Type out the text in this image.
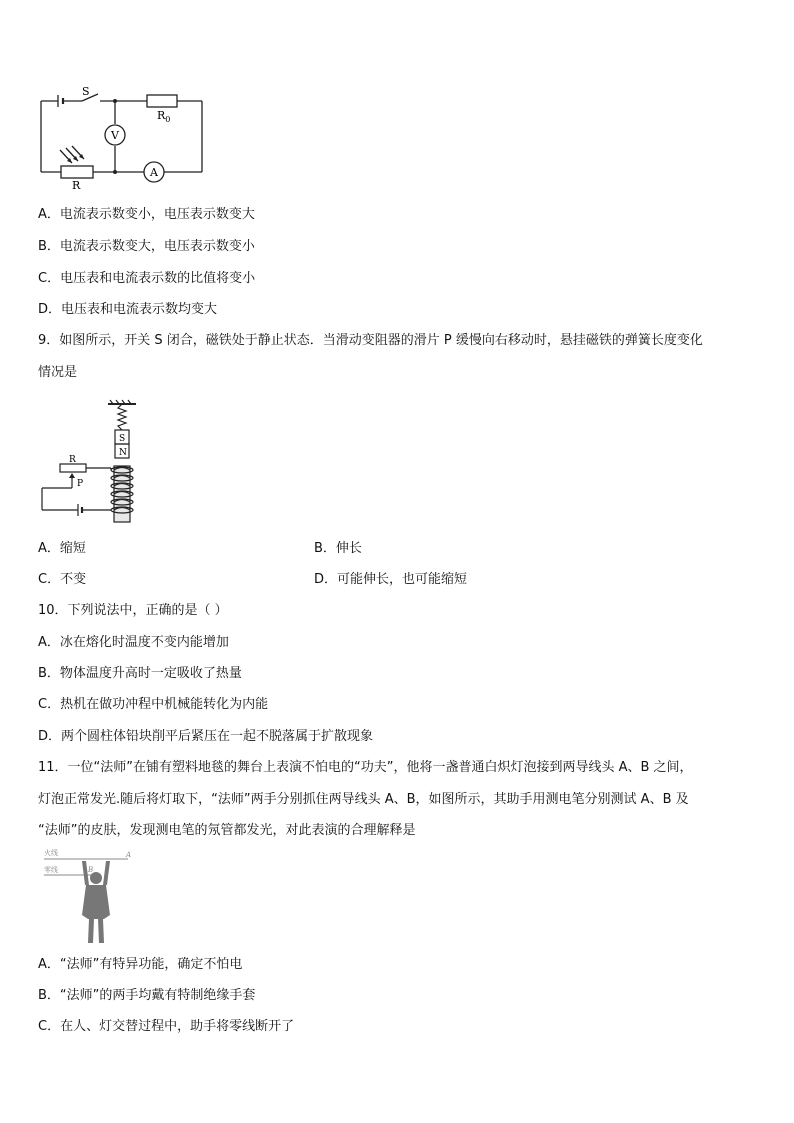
S
$R_0$
V
A
R
A．电流表示数变小，电压表示数变大
B．电流表示数变大，电压表示数变小
C．电压表和电流表示数的比值将变小
D．电压表和电流表示数均变大
9．如图所示，开关 S 闭合，磁铁处于静止状态．当滑动变阻器的滑片 P 缓慢向右移动时，悬挂磁铁的弹簧长度变化
情况是
S
N
R
P
A．缩短	B．伸长
C．不变	D．可能伸长，也可能缩短
10．下列说法中，正确的是（ ）
A．冰在熔化时温度不变内能增加
B．物体温度升高时一定吸收了热量
C．热机在做功冲程中机械能转化为内能
D．两个圆柱体铅块削平后紧压在一起不脱落属于扩散现象
11．一位“法师”在铺有塑料地毯的舞台上表演不怕电的“功夫”，他将一盏普通白炽灯泡接到两导线头 A、B 之间，
灯泡正常发光.随后将灯取下，“法师”两手分别抓住两导线头 A、B，如图所示，其助手用测电笔分别测试 A、B 及
“法师”的皮肤，发现测电笔的氖管都发光，对此表演的合理解释是
火线
零线
A
B
A．“法师”有特异功能，确定不怕电
B．“法师”的两手均戴有特制绝缘手套
C．在人、灯交替过程中，助手将零线断开了
